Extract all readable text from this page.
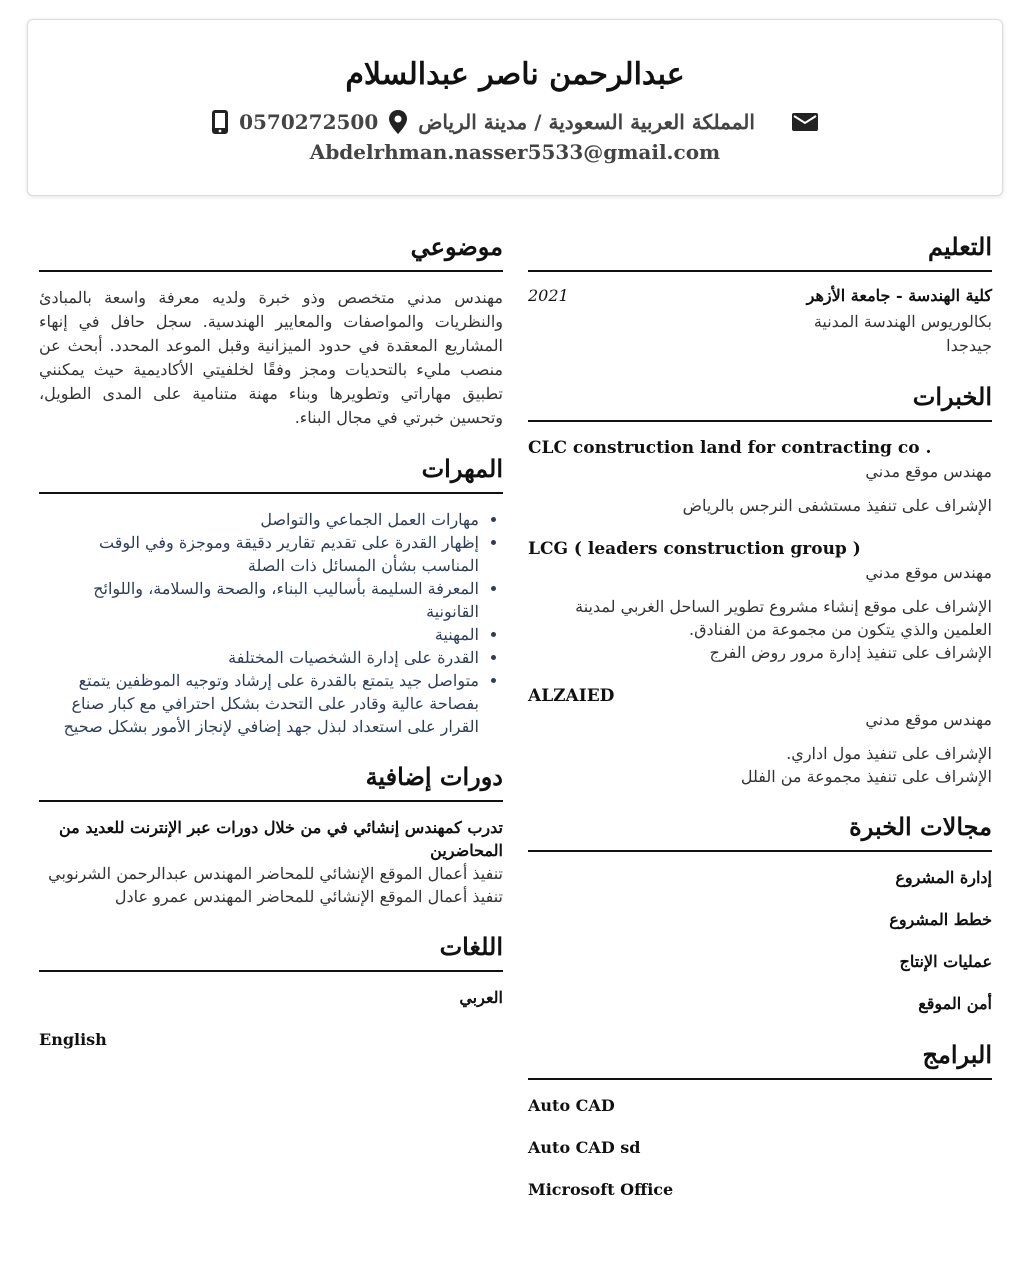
عبدالرحمن ناصر عبدالسلام
0570272500 المملكة العربية السعودية / مدينة الرياض
Abdelrhman.nasser5533@gmail.com
التعليم
كلية الهندسة - جامعة الأزهر
2021
بكالوريوس الهندسة المدنية
جيدجدا
الخبرات
CLC construction land for contracting co .
مهندس موقع مدني
الإشراف على تنفيذ مستشفى النرجس بالرياض
LCG ( leaders construction group )
مهندس موقع مدني
الإشراف على موقع إنشاء مشروع تطوير الساحل الغربي لمدينة العلمين والذي يتكون من مجموعة من الفنادق.
الإشراف على تنفيذ إدارة مرور روض الفرج
ALZAIED
مهندس موقع مدني
الإشراف على تنفيذ مول اداري.
الإشراف على تنفيذ مجموعة من الفلل
مجالات الخبرة
إدارة المشروع
خطط المشروع
عمليات الإنتاج
أمن الموقع
البرامج
Auto CAD
Auto CAD sd
Microsoft Office
موضوعي
مهندس مدني متخصص وذو خبرة ولديه معرفة واسعة بالمبادئ والنظريات والمواصفات والمعايير الهندسية. سجل حافل في إنهاء المشاريع المعقدة في حدود الميزانية وقبل الموعد المحدد. أبحث عن منصب مليء بالتحديات ومجز وفقًا لخلفيتي الأكاديمية حيث يمكنني تطبيق مهاراتي وتطويرها وبناء مهنة متنامية على المدى الطويل، وتحسين خبرتي في مجال البناء.
المهرات
• مهارات العمل الجماعي والتواصل
• إظهار القدرة على تقديم تقارير دقيقة وموجزة وفي الوقت المناسب بشأن المسائل ذات الصلة
• المعرفة السليمة بأساليب البناء، والصحة والسلامة، واللوائح القانونية
• المهنية
• القدرة على إدارة الشخصيات المختلفة
• متواصل جيد يتمتع بالقدرة على إرشاد وتوجيه الموظفين يتمتع بفصاحة عالية وقادر على التحدث بشكل احترافي مع كبار صناع القرار على استعداد لبذل جهد إضافي لإنجاز الأمور بشكل صحيح
دورات إضافية
تدرب كمهندس إنشائي في من خلال دورات عبر الإنترنت للعديد من المحاضرين
تنفيذ أعمال الموقع الإنشائي للمحاضر المهندس عبدالرحمن الشرنوبي
تنفيذ أعمال الموقع الإنشائي للمحاضر المهندس عمرو عادل
اللغات
العربي
English
